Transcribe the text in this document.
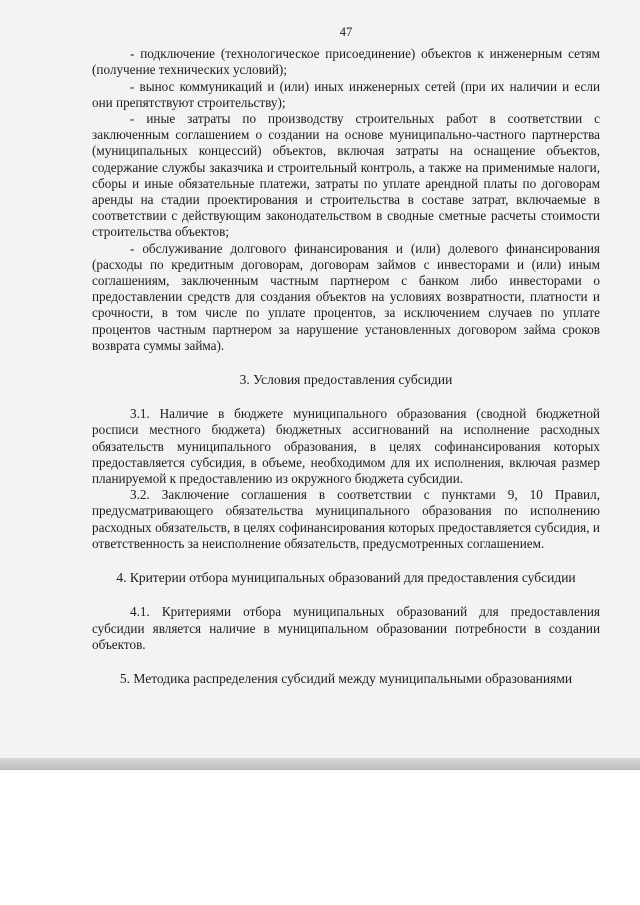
47

- подключение (технологическое присоединение) объектов к инженерным сетям (получение технических условий);

- вынос коммуникаций и (или) иных инженерных сетей (при их наличии и если они препятствуют строительству);

- иные затраты по производству строительных работ в соответствии с заключенным соглашением о создании на основе муниципально-частного партнерства (муниципальных концессий) объектов, включая затраты на оснащение объектов, содержание службы заказчика и строительный контроль, а также на применимые налоги, сборы и иные обязательные платежи, затраты по уплате арендной платы по договорам аренды на стадии проектирования и строительства в составе затрат, включаемые в соответствии с действующим законодательством в сводные сметные расчеты стоимости строительства объектов;

- обслуживание долгового финансирования и (или) долевого финансирования (расходы по кредитным договорам, договорам займов с инвесторами и (или) иным соглашениям, заключенным частным партнером с банком либо инвесторами о предоставлении средств для создания объектов на условиях возвратности, платности и срочности, в том числе по уплате процентов, за исключением случаев по уплате процентов частным партнером за нарушение установленных договором займа сроков возврата суммы займа).

3. Условия предоставления субсидии

3.1. Наличие в бюджете муниципального образования (сводной бюджетной росписи местного бюджета) бюджетных ассигнований на исполнение расходных обязательств муниципального образования, в целях софинансирования которых предоставляется субсидия, в объеме, необходимом для их исполнения, включая размер планируемой к предоставлению из окружного бюджета субсидии.

3.2. Заключение соглашения в соответствии с пунктами 9, 10 Правил, предусматривающего обязательства муниципального образования по исполнению расходных обязательств, в целях софинансирования которых предоставляется субсидия, и ответственность за неисполнение обязательств, предусмотренных соглашением.

4. Критерии отбора муниципальных образований для предоставления субсидии

4.1. Критериями отбора муниципальных образований для предоставления субсидии является наличие в муниципальном образовании потребности в создании объектов.

5. Методика распределения субсидий между муниципальными образованиями
